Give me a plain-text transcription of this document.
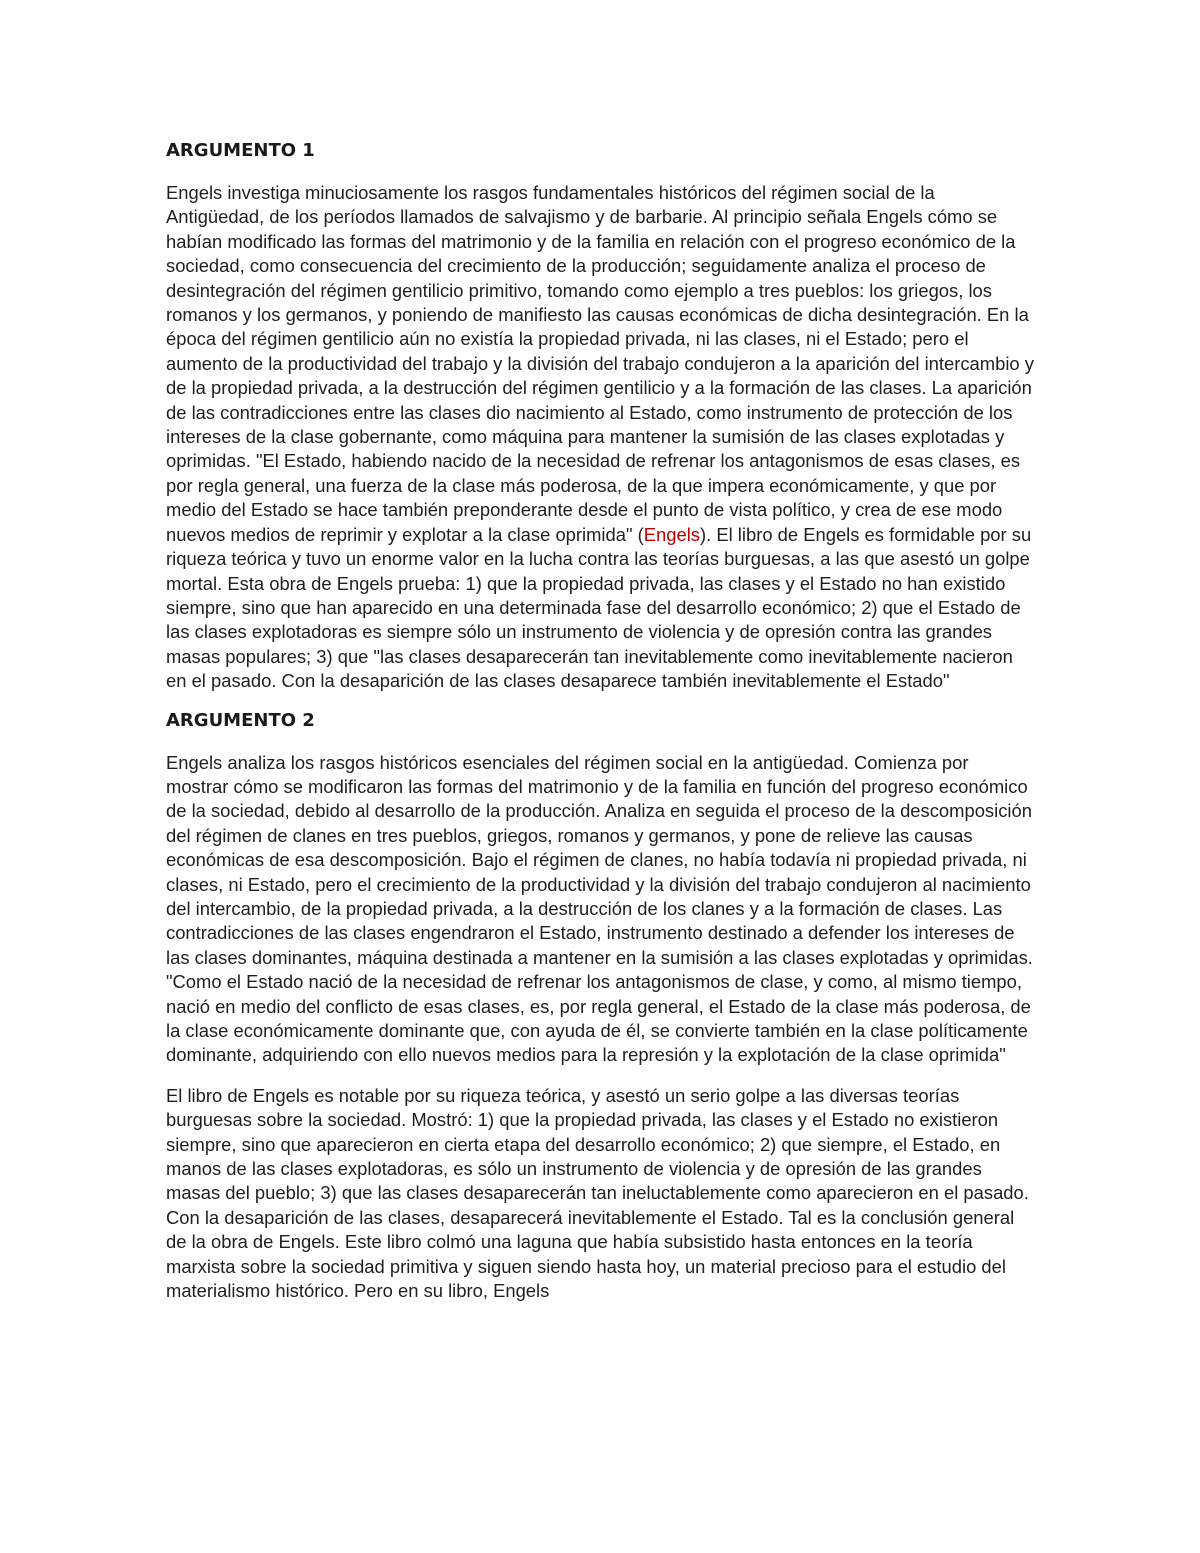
ARGUMENTO 1

Engels investiga minuciosamente los rasgos fundamentales históricos del régimen social de la Antigüedad, de los períodos llamados de salvajismo y de barbarie. Al principio señala Engels cómo se habían modificado las formas del matrimonio y de la familia en relación con el progreso económico de la sociedad, como consecuencia del crecimiento de la producción; seguidamente analiza el proceso de desintegración del régimen gentilicio primitivo, tomando como ejemplo a tres pueblos: los griegos, los romanos y los germanos, y poniendo de manifiesto las causas económicas de dicha desintegración. En la época del régimen gentilicio aún no existía la propiedad privada, ni las clases, ni el Estado; pero el aumento de la productividad del trabajo y la división del trabajo condujeron a la aparición del intercambio y de la propiedad privada, a la destrucción del régimen gentilicio y a la formación de las clases. La aparición de las contradicciones entre las clases dio nacimiento al Estado, como instrumento de protección de los intereses de la clase gobernante, como máquina para mantener la sumisión de las clases explotadas y oprimidas. "El Estado, habiendo nacido de la necesidad de refrenar los antagonismos de esas clases, es por regla general, una fuerza de la clase más poderosa, de la que impera económicamente, y que por medio del Estado se hace también preponderante desde el punto de vista político, y crea de ese modo nuevos medios de reprimir y explotar a la clase oprimida" (Engels). El libro de Engels es formidable por su riqueza teórica y tuvo un enorme valor en la lucha contra las teorías burguesas, a las que asestó un golpe mortal. Esta obra de Engels prueba: 1) que la propiedad privada, las clases y el Estado no han existido siempre, sino que han aparecido en una determinada fase del desarrollo económico; 2) que el Estado de las clases explotadoras es siempre sólo un instrumento de violencia y de opresión contra las grandes masas populares; 3) que "las clases desaparecerán tan inevitablemente como inevitablemente nacieron en el pasado. Con la desaparición de las clases desaparece también inevitablemente el Estado"

ARGUMENTO 2

Engels analiza los rasgos históricos esenciales del régimen social en la antigüedad. Comienza por mostrar cómo se modificaron las formas del matrimonio y de la familia en función del progreso económico de la sociedad, debido al desarrollo de la producción. Analiza en seguida el proceso de la descomposición del régimen de clanes en tres pueblos, griegos, romanos y germanos, y pone de relieve las causas económicas de esa descomposición. Bajo el régimen de clanes, no había todavía ni propiedad privada, ni clases, ni Estado, pero el crecimiento de la productividad y la división del trabajo condujeron al nacimiento del intercambio, de la propiedad privada, a la destrucción de los clanes y a la formación de clases. Las contradicciones de las clases engendraron el Estado, instrumento destinado a defender los intereses de las clases dominantes, máquina destinada a mantener en la sumisión a las clases explotadas y oprimidas. "Como el Estado nació de la necesidad de refrenar los antagonismos de clase, y como, al mismo tiempo, nació en medio del conflicto de esas clases, es, por regla general, el Estado de la clase más poderosa, de la clase económicamente dominante que, con ayuda de él, se convierte también en la clase políticamente dominante, adquiriendo con ello nuevos medios para la represión y la explotación de la clase oprimida"

El libro de Engels es notable por su riqueza teórica, y asestó un serio golpe a las diversas teorías burguesas sobre la sociedad. Mostró: 1) que la propiedad privada, las clases y el Estado no existieron siempre, sino que aparecieron en cierta etapa del desarrollo económico; 2) que siempre, el Estado, en manos de las clases explotadoras, es sólo un instrumento de violencia y de opresión de las grandes masas del pueblo; 3) que las clases desaparecerán tan ineluctablemente como aparecieron en el pasado. Con la desaparición de las clases, desaparecerá inevitablemente el Estado. Tal es la conclusión general de la obra de Engels. Este libro colmó una laguna que había subsistido hasta entonces en la teoría marxista sobre la sociedad primitiva y siguen siendo hasta hoy, un material precioso para el estudio del materialismo histórico. Pero en su libro, Engels
